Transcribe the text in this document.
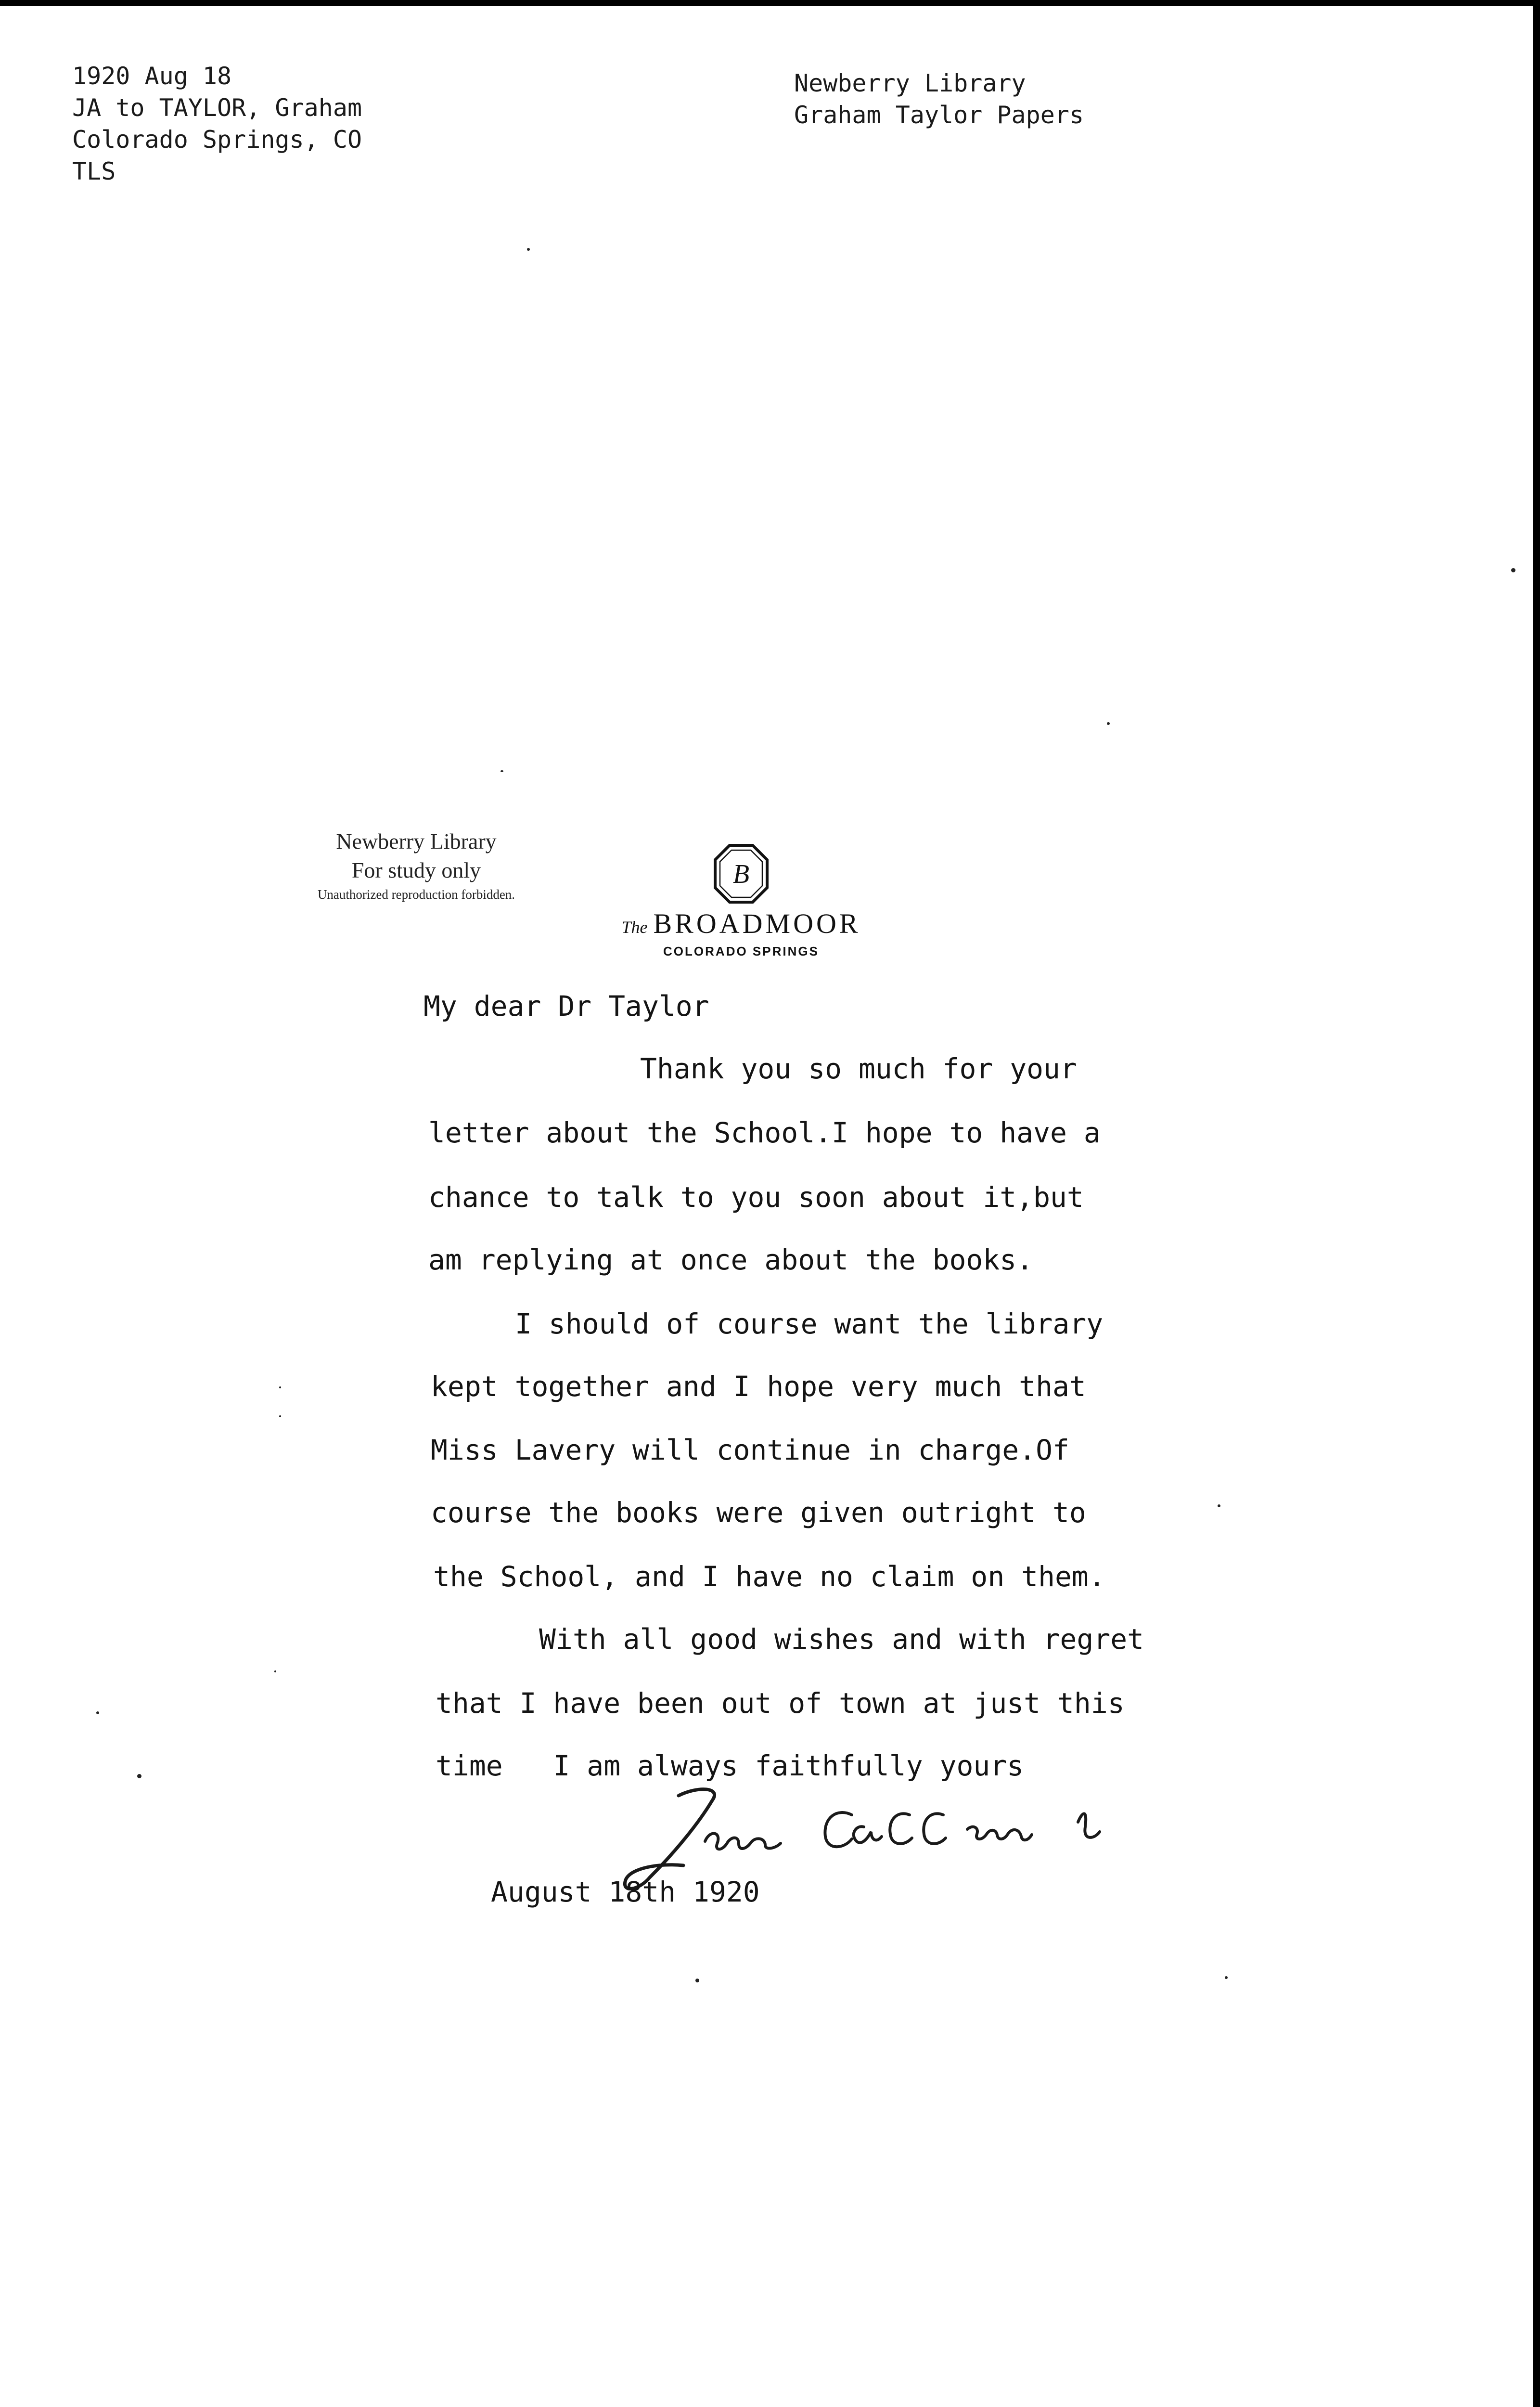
1920 Aug 18
JA to TAYLOR, Graham
Colorado Springs, CO
TLS
Newberry Library
Graham Taylor Papers
Newberry Library
For study only
Unauthorized reproduction forbidden.
B
The BROADMOOR
COLORADO SPRINGS
My dear Dr Taylor
Thank you so much for your
letter about the School.I hope to have a
chance to talk to you soon about it,but
am replying at once about the books.
I should of course want the library
kept together and I hope very much that
Miss Lavery will continue in charge.Of
course the books were given outright to
the School, and I have no claim on them.
With all good wishes and with regret
that I have been out of town at just this
time   I am always faithfully yours
August 18th 1920
